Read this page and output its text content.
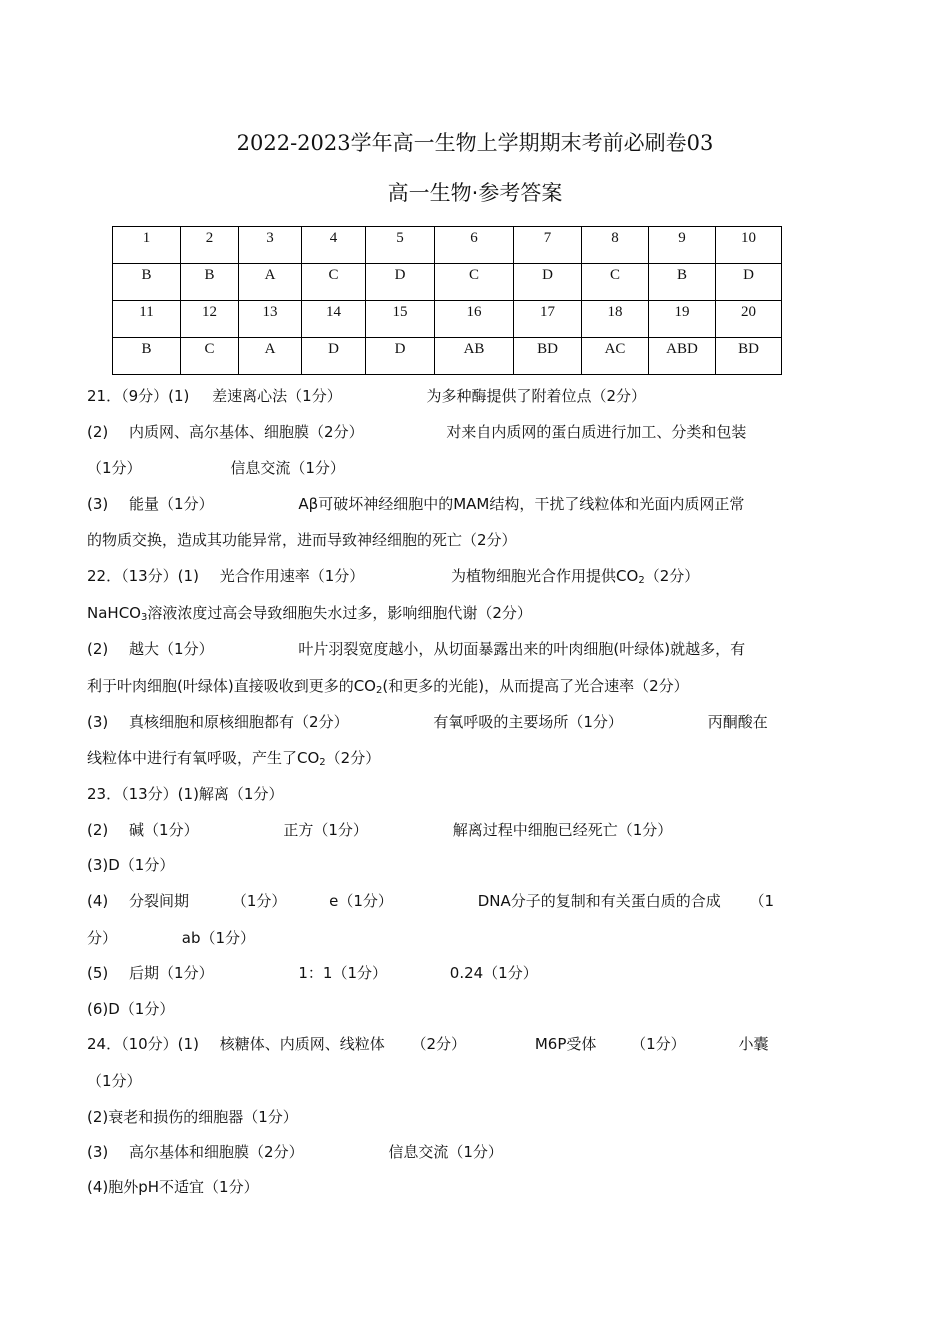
2022-2023学年高一生物上学期期末考前必刷卷03
高一生物·参考答案
1	2	3	4	5	6	7	8	9	10
B	B	A	C	D	C	D	C	B	D
11	12	13	14	15	16	17	18	19	20
B	C	A	D	D	AB	BD	AC	ABD	BD
21．（9分）(1) 差速离心法（1分）	为多种酶提供了附着位点（2分）
(2) 内质网、高尔基体、细胞膜（2分）	对来自内质网的蛋白质进行加工、分类和包装
（1分）	信息交流（1分）
(3) 能量（1分）	Aβ可破坏神经细胞中的MAM结构，干扰了线粒体和光面内质网正常
的物质交换，造成其功能异常，进而导致神经细胞的死亡（2分）
22．（13分）(1) 光合作用速率（1分）	为植物细胞光合作用提供CO2（2分）
NaHCO3溶液浓度过高会导致细胞失水过多，影响细胞代谢（2分）
(2) 越大（1分）	叶片羽裂宽度越小，从切面暴露出来的叶肉细胞(叶绿体)就越多，有
利于叶肉细胞(叶绿体)直接吸收到更多的CO2(和更多的光能)，从而提高了光合速率（2分）
(3) 真核细胞和原核细胞都有（2分）	有氧呼吸的主要场所（1分）	丙酮酸在
线粒体中进行有氧呼吸，产生了CO2（2分）
23．（13分）(1)解离（1分）
(2) 碱（1分）	正方（1分）	解离过程中细胞已经死亡（1分）
(3)D（1分）
(4) 分裂间期	（1分）	e（1分）	DNA分子的复制和有关蛋白质的合成 （1
分）	ab（1分）
(5) 后期（1分）	1：1（1分）	0.24（1分）
(6)D（1分）
24．（10分）(1) 核糖体、内质网、线粒体 （2分）	M6P受体 （1分）	小囊
（1分）
(2)衰老和损伤的细胞器（1分）
(3) 高尔基体和细胞膜（2分）	信息交流（1分）
(4)胞外pH不适宜（1分）
